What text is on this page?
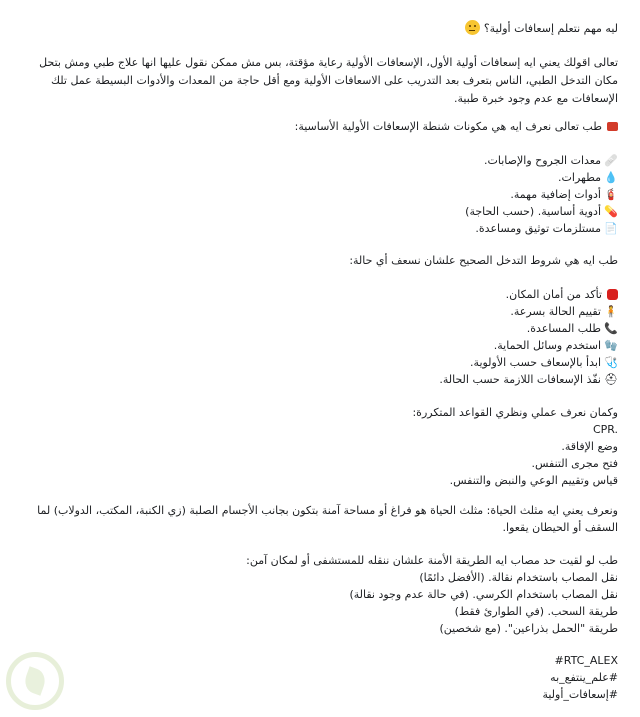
ليه مهم نتعلم إسعافات أولية؟

تعالى اقولك يعني ايه إسعافات أولية الأول، الإسعافات الأولية رعاية مؤقتة، بس مش ممكن نقول عليها انها علاج طبي ومش بتحل مكان التدخل الطبي، الناس بتعرف بعد التدريب على الاسعافات الأولية ومع أقل حاجة من المعدات والأدوات البسيطة عمل تلك الإسعافات مع عدم وجود خبرة طبية.

طب تعالى نعرف ايه هي مكونات شنطة الإسعافات الأولية الأساسية:

🩹معدات الجروح والإصابات.

💧مطهرات.

🧯أدوات إضافية مهمة.

💊أدوية أساسية. (حسب الحاجة)

📄مستلزمات توثيق ومساعدة.

طب ايه هي شروط التدخل الصحيح علشان نسعف أي حالة:

تأكد من أمان المكان.

🧍تقييم الحالة بسرعة.

📞طلب المساعدة.

🧤استخدم وسائل الحماية.

🩺ابدأ بالإسعاف حسب الأولوية.

⛑نفّذ الإسعافات اللازمة حسب الحالة.

وكمان نعرف عملي ونظري القواعد المتكررة:

CPR.

وضع الإفاقة.

فتح مجرى التنفس.

قياس وتقييم الوعي والنبض والتنفس.

ونعرف يعني ايه مثلث الحياة: مثلث الحياة هو فراغ أو مساحة آمنة بتكون بجانب الأجسام الصلبة (زي الكنبة، المكتب، الدولاب) لما السقف أو الحيطان يقعوا.

طب لو لقيت حد مصاب ايه الطريقة الأمنة علشان ننقله للمستشفى أو لمكان آمن:

نقل المصاب باستخدام نقالة. (الأفضل دائمًا)

نقل المصاب باستخدام الكرسي. (في حالة عدم وجود نقالة)

طريقة السحب. (في الطوارئ فقط)

طريقة "الحمل بذراعين". (مع شخصين)

#RTC_ALEX

#علم_ينتفع_به

#إسعافات_أولية
